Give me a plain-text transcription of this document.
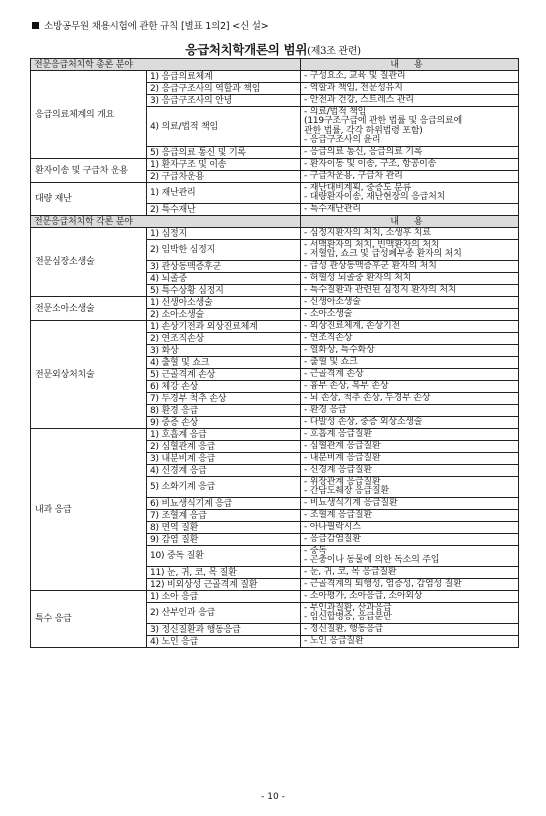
소방공무원 채용시험에 관한 규칙 [별표 1의2] <신 설>
응급처치학개론의 범위(제3조 관련)
전문응급처치학 총론 분야		내 용
응급의료체계의 개요	1) 응급의료체계	- 구성요소, 교육 및 질관리

	2) 응급구조사의 역할과 책임	- 역할과 책임, 전문성유지

	3) 응급구조사의 안녕	- 안전과 건강, 스트레스 관리

	4) 의료/법적 책임	- 의료/법적 책임
(119구조구급에 관한 법률 및 응급의료에
관한 법률, 각각 하위법령 포함)
- 응급구조사의 윤리

	5) 응급의료 통신 및 기록	- 응급의료 통신, 응급의료 기록

환자이송 및 구급차 운용	1) 환자구조 및 이송	- 환자이동 및 이송, 구조, 항공이송

	2) 구급차운용	- 구급차운용, 구급차 관리

대량 재난	1) 재난관리	- 재난대비계획, 중증도 분류
- 대량환자이송, 재난현장의 응급처치

	2) 특수재난	- 특수재난관리

전문응급처치학 각론 분야		내 용
전문심장소생술	1) 심정지	- 심정지환자의 처치, 소생후 치료

	2) 임박한 심정지	- 서맥환자의 처치, 빈맥환자의 처치
- 저혈압, 쇼크 및 급성폐부종 환자의 처치

	3) 관상동맥증후군	- 급성 관상동맥증후군 환자의 처치

	4) 뇌졸중	- 허혈성 뇌졸중 환자의 처치

	5) 특수상황 심정지	- 특수질환과 관련된 심정지 환자의 처치

전문소아소생술	1) 신생아소생술	- 신생아소생술

	2) 소아소생술	- 소아소생술

전문외상처치술	1) 손상기전과 외상진료체계	- 외상진료체계, 손상기전

	2) 연조직손상	- 연조직손상

	3) 화상	- 열화상, 특수화상

	4) 출혈 및 쇼크	- 출혈 및 쇼크

	5) 근골격계 손상	- 근골격계 손상

	6) 체강 손상	- 흉부 손상, 복부 손상

	7) 두경부 척추 손상	- 뇌 손상, 척추 손상, 두경부 손상

	8) 환경 응급	- 환경 응급

	9) 중증 손상	- 다발성 손상, 중증 외상소생술

내과 응급	1) 호흡계 응급	- 호흡계 응급질환

	2) 심혈관계 응급	- 심혈관계 응급질환

	3) 내분비계 응급	- 내분비계 응급질환

	4) 신경계 응급	- 신경계 응급질환

	5) 소화기계 응급	- 위장관계 응급질환
- 간담도췌장 응급질환

	6) 비뇨생식기계 응급	- 비뇨생식기계 응급질환

	7) 조혈계 응급	- 조혈계 응급질환

	8) 면역 질환	- 아나필락시스

	9) 감염 질환	- 응급감염질환

	10) 중독 질환	- 중독
- 곤충이나 동물에 의한 독소의 주입

	11) 눈, 귀, 코, 목 질환	- 눈, 귀, 코, 목 응급질환

	12) 비외상성 근골격계 질환	- 근골격계의 퇴행성, 염증성, 감염성 질환

특수 응급	1) 소아 응급	- 소아평가, 소아응급, 소아외상

	2) 산부인과 응급	- 부인과질환, 산과응급
- 임신합병증, 응급분만

	3) 정신질환과 행동응급	- 정신질환, 행동응급

	4) 노인 응급	- 노인 응급질환
- 10 -
